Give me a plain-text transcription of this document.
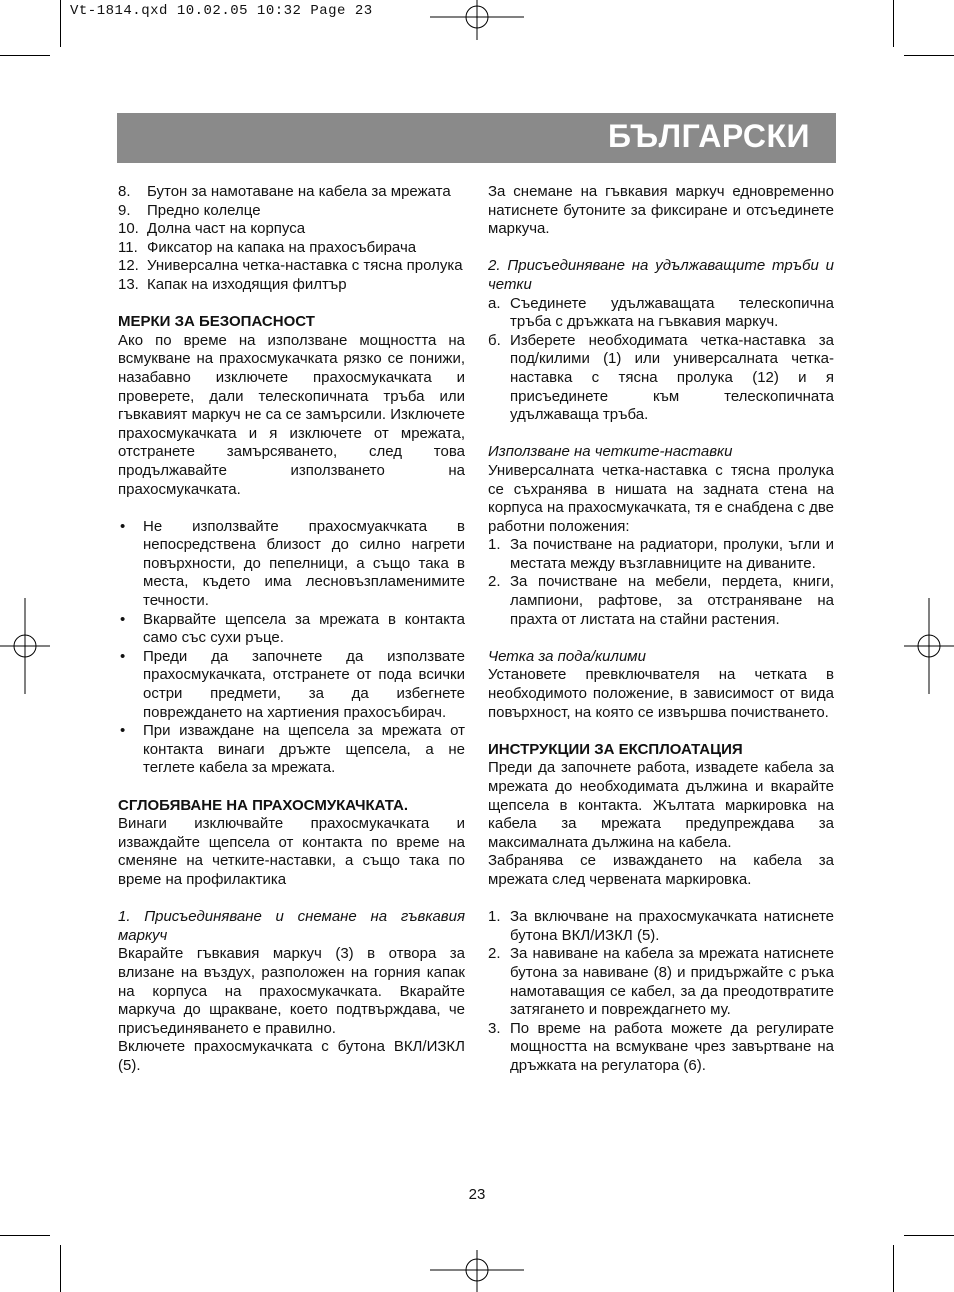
Vt-1814.qxd 10.02.05 10:32 Page 23
БЪЛГАРСКИ
8.	Бутон за намотаване на кабела за мрежата
9.	Предно колелце
10. Долна част на корпуса
11. Фиксатор на капака на прахосъбирача
12. Универсална четка-наставка с тясна пролука
13. Капак на изходящия филтър

МЕРКИ ЗА БЕЗОПАСНОСТ

Ако по време на използване мощността на всмукване на прахосмукачката рязко се понижи, назабавно изключете прахосмукачката и проверете, дали телескопичната тръба или гъвкавият маркуч не са се замърсили. Изключете прахосмукачката и я изключете от мрежата, отстранете замърсяването, след това продължавайте използването на прахосмукачката.

•	Не използвайте прахосмуакчката в непосредствена близост до силно нагрети повърхности, до пепелници, а също така в места, където има лесновъзпламенимите течности.
•	Вкарвайте щепсела за мрежата в контакта само със сухи ръце.
•	Преди да започнете да използвате прахосмукачката, отстранете от пода всички остри предмети, за да избегнете повреждането на хартиения прахосъбирач.
•	При изваждане на щепсела за мрежата от контакта винаги дръжте щепсела, а не теглете кабела за мрежата.

СГЛОБЯВАНЕ НА ПРАХОСМУКАЧКАТА.

Винаги изключвайте прахосмукачката и изваждайте щепсела от контакта по време на сменяне на четките-наставки, а също така по време на профилактика

1. Присъединяване и снемане на гъвкавия маркуч

Вкарайте гъвкавия маркуч (3) в отвора за влизане на въздух, разположен на горния капак на корпуса на прахосмукачката. Вкарайте маркуча до щракване, което подтвърждава, че присъединяването е правилно.

Включете прахосмукачката с бутона ВКЛ/ИЗКЛ (5).

За снемане на гъвкавия маркуч едновременно натиснете бутоните за фиксиране и отсъединете маркуча.

2. Присъединяване на удължаващите тръби и четки

а. Съединете удължаващата телескопична тръба с дръжката на гъвкавия маркуч.
б. Изберете необходимата четка-наставка за под/килими (1) или универсалната четка-наставка с тясна пролука (12) и я присъединете към телескопичната удължаваща тръба.

Използване на четките-наставки

Универсалната четка-наставка с тясна пролука се съхранява в нишата на задната стена на корпуса на прахосмукачката, тя е снабдена с две работни положения:

1. За почистване на радиатори, пролуки, ъгли и местата между възглавниците на диваните.
2. За почистване на мебели, пердета, книги, лампиони, рафтове, за отстраняване на прахта от листата на стайни растения.

Четка за пода/килими

Установете превключвателя на четката в необходимото положение, в зависимост от вида повърхност, на която се извършва почистването.

ИНСТРУКЦИИ ЗА ЕКСПЛОАТАЦИЯ

Преди да започнете работа, извадете кабела за мрежата до необходимата дължина и вкарайте щепсела в контакта. Жълтата маркировка на кабела за мрежата предупреждава за максималната дължина на кабела.

Забранява се изваждането на кабела за мрежата след червената маркировка.

1. За включване на прахосмукачката натиснете бутона ВКЛ/ИЗКЛ (5).
2. За навиване на кабела за мрежата натиснете бутона за навиване (8) и придържайте с ръка намотаващия се кабел, за да преодотвратите затягането и повреждагнето му.
3. По време на работа можете да регулирате мощността на всмукване чрез завъртване на дръжката на регулатора (6).
23
